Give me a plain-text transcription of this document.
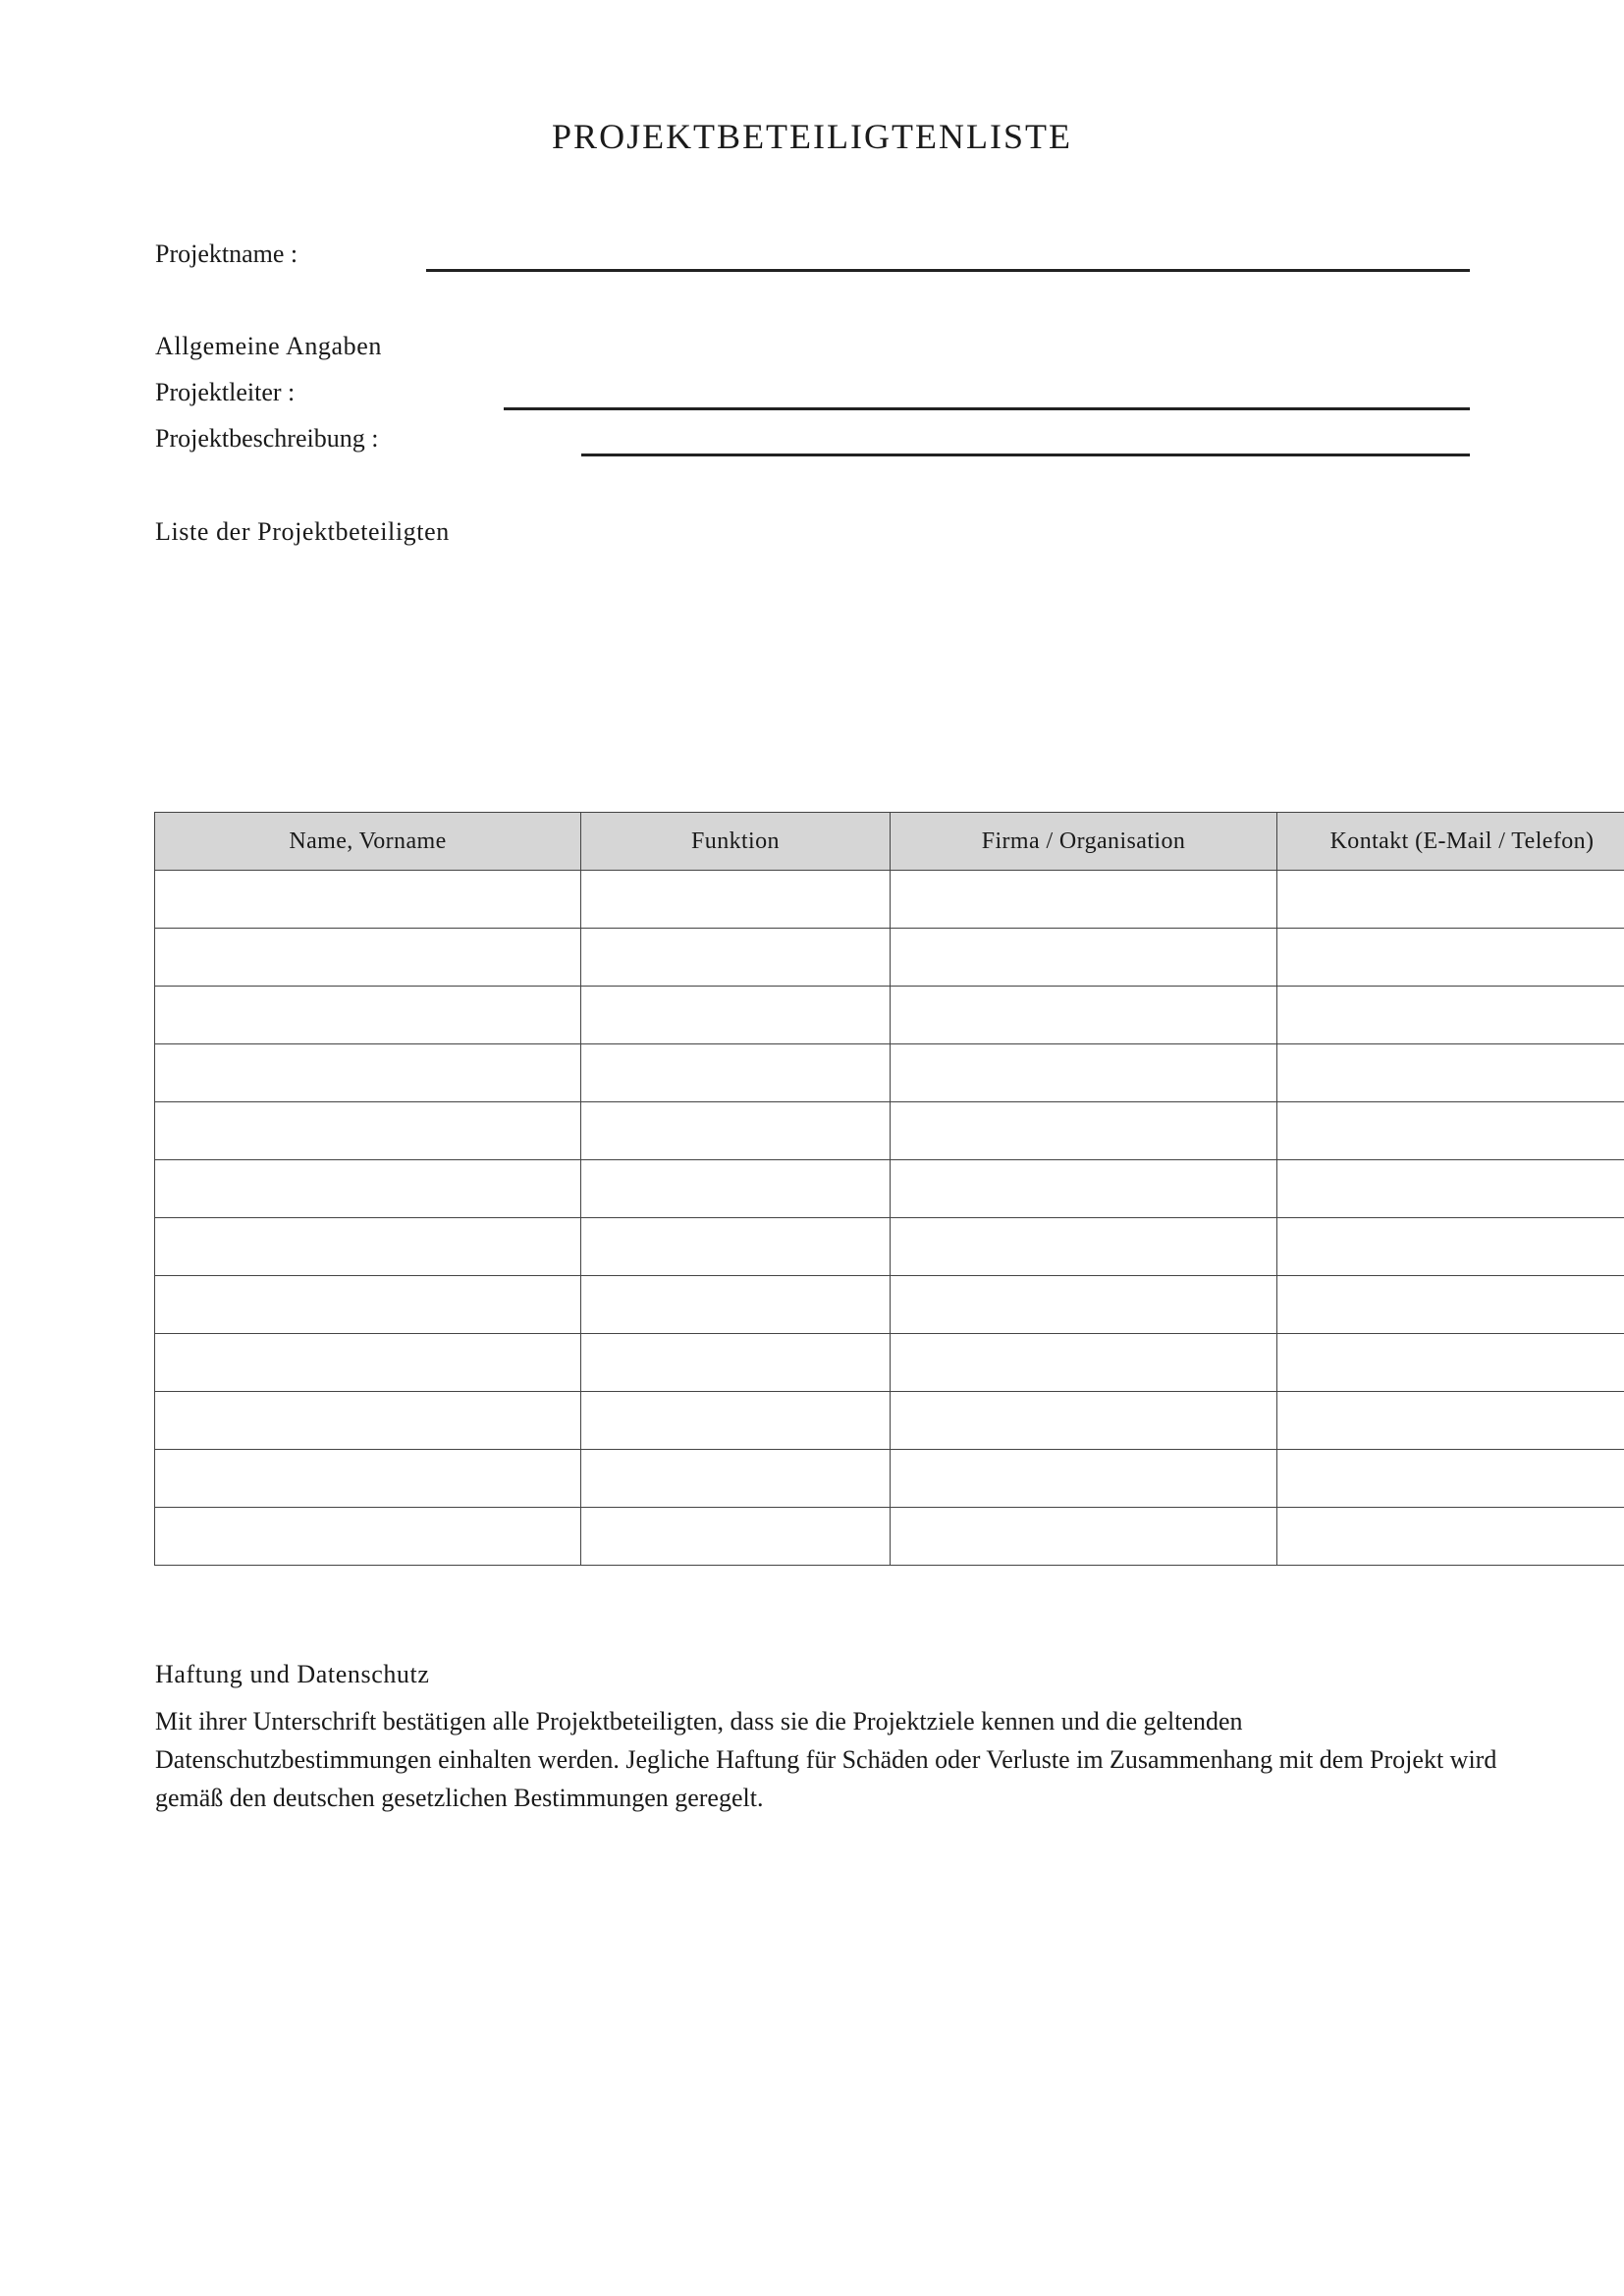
PROJEKTBETEILIGTENLISTE
Projektname :
Allgemeine Angaben
Projektleiter :
Projektbeschreibung :
Liste der Projektbeteiligten
Name, Vorname	Funktion	Firma / Organisation	Kontakt (E-Mail / Telefon)

Haftung und Datenschutz
Mit ihrer Unterschrift bestätigen alle Projektbeteiligten, dass sie die Projektziele kennen und die geltenden Datenschutzbestimmungen einhalten werden. Jegliche Haftung für Schäden oder Verluste im Zusammenhang mit dem Projekt wird gemäß den deutschen gesetzlichen Bestimmungen geregelt.
